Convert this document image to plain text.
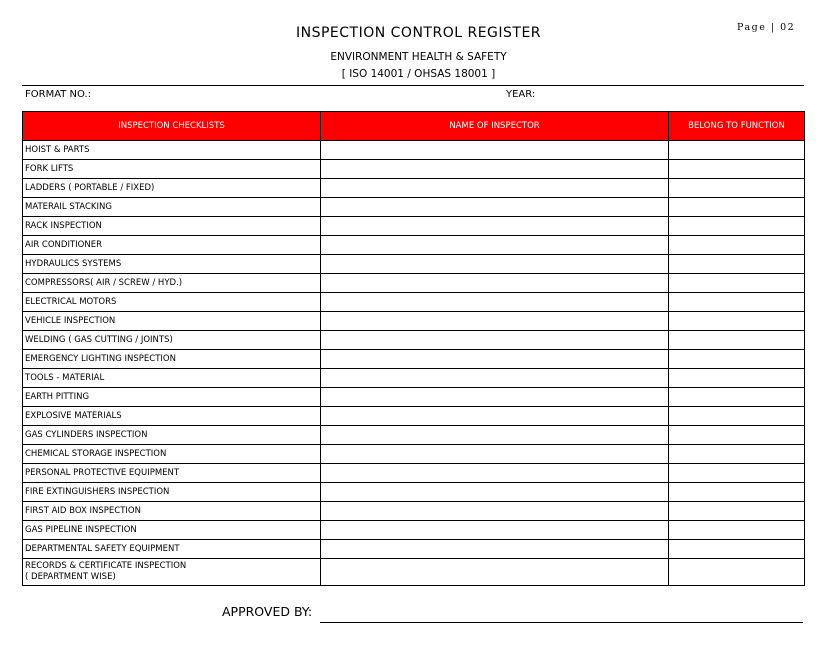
Page | 02
INSPECTION CONTROL REGISTER
ENVIRONMENT HEALTH & SAFETY
[ ISO 14001 / OHSAS 18001 ]
FORMAT NO.:	YEAR:
INSPECTION CHECKLISTS	NAME OF INSPECTOR	BELONG TO FUNCTION
HOIST & PARTS		
FORK LIFTS		
LADDERS ( PORTABLE / FIXED)		
MATERAIL STACKING		
RACK INSPECTION		
AIR CONDITIONER		
HYDRAULICS SYSTEMS		
COMPRESSORS( AIR / SCREW / HYD.)		
ELECTRICAL MOTORS		
VEHICLE INSPECTION		
WELDING ( GAS CUTTING / JOINTS)		
EMERGENCY LIGHTING INSPECTION		
TOOLS - MATERIAL		
EARTH PITTING		
EXPLOSIVE MATERIALS		
GAS CYLINDERS INSPECTION		
CHEMICAL STORAGE INSPECTION		
PERSONAL PROTECTIVE EQUIPMENT		
FIRE EXTINGUISHERS INSPECTION		
FIRST AID BOX INSPECTION		
GAS PIPELINE INSPECTION		
DEPARTMENTAL SAFETY EQUIPMENT		
RECORDS & CERTIFICATE INSPECTION
( DEPARTMENT WISE)		
APPROVED BY:
